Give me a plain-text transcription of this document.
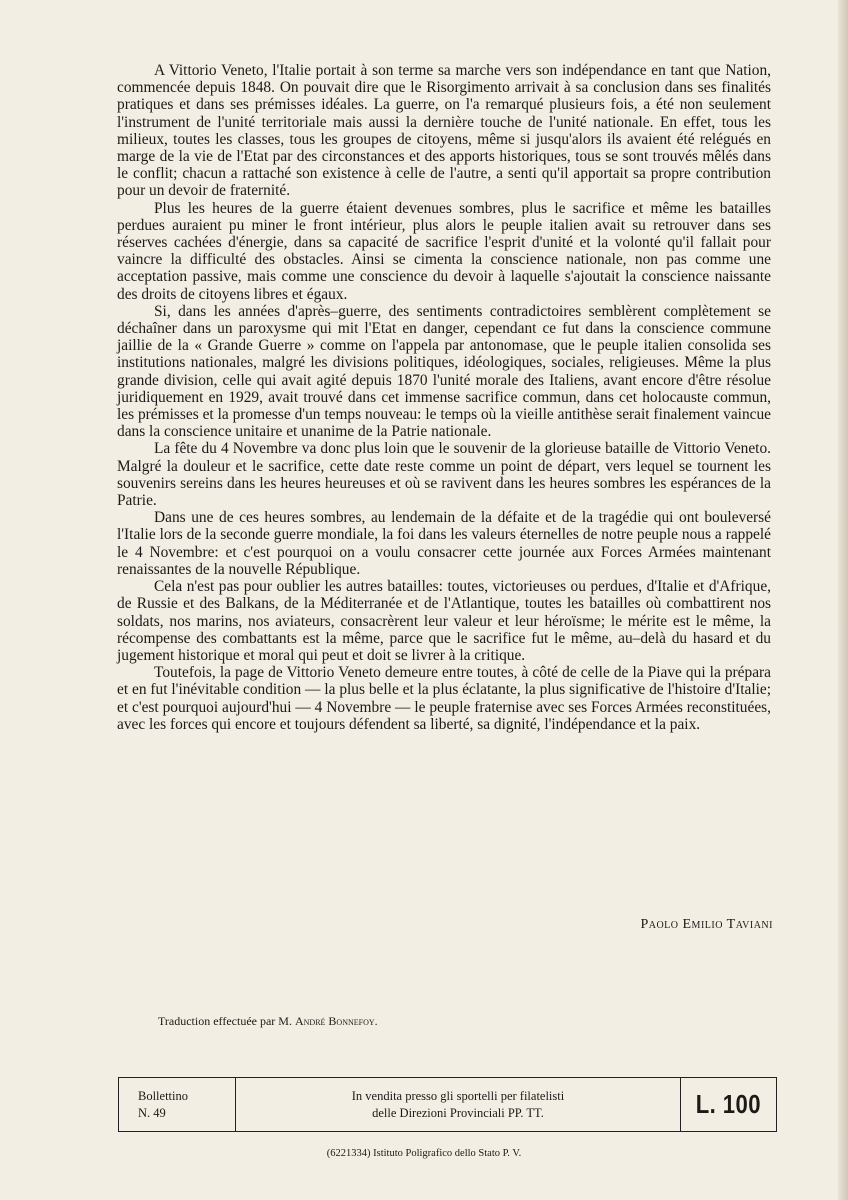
A Vittorio Veneto, l'Italie portait à son terme sa marche vers son indépendance en tant que Nation, commencée depuis 1848. On pouvait dire que le Risorgimento arrivait à sa conclusion dans ses finalités pratiques et dans ses prémisses idéales. La guerre, on l'a remarqué plusieurs fois, a été non seulement l'instrument de l'unité territoriale mais aussi la dernière touche de l'unité nationale. En effet, tous les milieux, toutes les classes, tous les groupes de citoyens, même si jusqu'alors ils avaient été relégués en marge de la vie de l'Etat par des circonstances et des apports historiques, tous se sont trouvés mêlés dans le conflit; chacun a rattaché son existence à celle de l'autre, a senti qu'il apportait sa propre contribution pour un devoir de fraternité.

Plus les heures de la guerre étaient devenues sombres, plus le sacrifice et même les batailles perdues auraient pu miner le front intérieur, plus alors le peuple italien avait su retrouver dans ses réserves cachées d'énergie, dans sa capacité de sacrifice l'esprit d'unité et la volonté qu'il fallait pour vaincre la difficulté des obstacles. Ainsi se cimenta la conscience nationale, non pas comme une acceptation passive, mais comme une conscience du devoir à laquelle s'ajoutait la conscience naissante des droits de citoyens libres et égaux.

Si, dans les années d'après–guerre, des sentiments contradictoires semblèrent complètement se déchaîner dans un paroxysme qui mit l'Etat en danger, cependant ce fut dans la conscience commune jaillie de la « Grande Guerre » comme on l'appela par antonomase, que le peuple italien consolida ses institutions nationales, malgré les divisions politiques, idéologiques, sociales, religieuses. Même la plus grande division, celle qui avait agité depuis 1870 l'unité morale des Italiens, avant encore d'être résolue juridiquement en 1929, avait trouvé dans cet immense sacrifice commun, dans cet holocauste commun, les prémisses et la promesse d'un temps nouveau: le temps où la vieille antithèse serait finalement vaincue dans la conscience unitaire et unanime de la Patrie nationale.

La fête du 4 Novembre va donc plus loin que le souvenir de la glorieuse bataille de Vittorio Veneto. Malgré la douleur et le sacrifice, cette date reste comme un point de départ, vers lequel se tournent les souvenirs sereins dans les heures heureuses et où se ravivent dans les heures sombres les espérances de la Patrie.

Dans une de ces heures sombres, au lendemain de la défaite et de la tragédie qui ont bouleversé l'Italie lors de la seconde guerre mondiale, la foi dans les valeurs éternelles de notre peuple nous a rappelé le 4 Novembre: et c'est pourquoi on a voulu consacrer cette journée aux Forces Armées maintenant renaissantes de la nouvelle République.

Cela n'est pas pour oublier les autres batailles: toutes, victorieuses ou perdues, d'Italie et d'Afrique, de Russie et des Balkans, de la Méditerranée et de l'Atlantique, toutes les batailles où combattirent nos soldats, nos marins, nos aviateurs, consacrèrent leur valeur et leur héroïsme; le mérite est le même, la récompense des combattants est la même, parce que le sacrifice fut le même, au–delà du hasard et du jugement historique et moral qui peut et doit se livrer à la critique.

Toutefois, la page de Vittorio Veneto demeure entre toutes, à côté de celle de la Piave qui la prépara et en fut l'inévitable condition — la plus belle et la plus éclatante, la plus significative de l'histoire d'Italie; et c'est pourquoi aujourd'hui — 4 Novembre — le peuple fraternise avec ses Forces Armées reconstituées, avec les forces qui encore et toujours défendent sa liberté, sa dignité, l'indépendance et la paix.

Paolo Emilio Taviani
Traduction effectuée par M. André Bonnefoy.
Bollettino
N. 49
In vendita presso gli sportelli per filatelisti
delle Direzioni Provinciali PP. TT.	L. 100
(6221334) Istituto Poligrafico dello Stato P. V.
